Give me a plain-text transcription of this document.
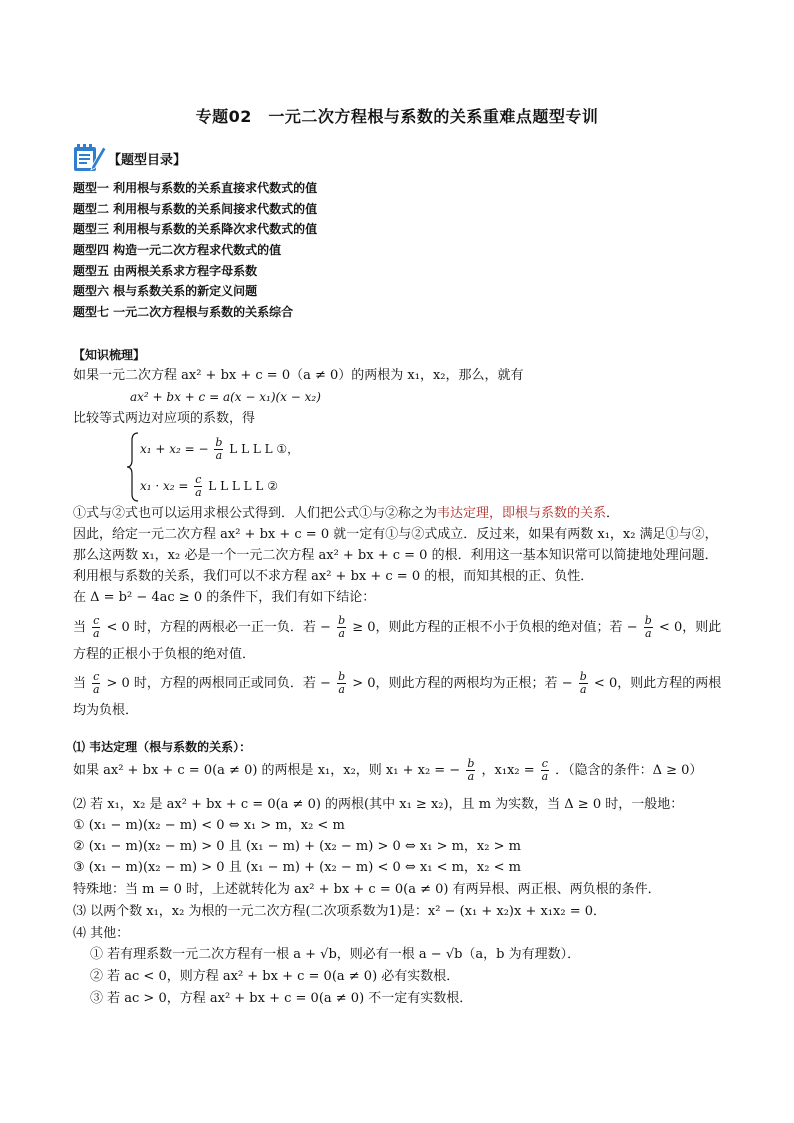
专题02　一元二次方程根与系数的关系重难点题型专训
【题型目录】
题型一 利用根与系数的关系直接求代数式的值
题型二 利用根与系数的关系间接求代数式的值
题型三 利用根与系数的关系降次求代数式的值
题型四 构造一元二次方程求代数式的值
题型五 由两根关系求方程字母系数
题型六 根与系数关系的新定义问题
题型七 一元二次方程根与系数的关系综合
【知识梳理】
如果一元二次方程 ax² + bx + c = 0（a ≠ 0）的两根为 x₁，x₂，那么，就有
ax² + bx + c = a(x − x₁)(x − x₂)
比较等式两边对应项的系数，得
x₁ + x₂ = − $\frac{b}{a}$ L L L L ①，
$x_1 \cdot x_2 = \frac{c}{a}$ L L L L L ②
①式与②式也可以运用求根公式得到．人们把公式①与②称之为韦达定理，即根与系数的关系．
因此，给定一元二次方程 ax² + bx + c = 0 就一定有①与②式成立．反过来，如果有两数 x₁，x₂ 满足①与②，
那么这两数 x₁，x₂ 必是一个一元二次方程 ax² + bx + c = 0 的根．利用这一基本知识常可以简捷地处理问题．
利用根与系数的关系，我们可以不求方程 ax² + bx + c = 0 的根，而知其根的正、负性．
在 Δ = b² − 4ac ≥ 0 的条件下，我们有如下结论：
当 $\frac{c}{a} < 0$ 时，方程的两根必一正一负．若 − $\frac{b}{a} \ge 0$，则此方程的正根不小于负根的绝对值；若 − $\frac{b}{a} < 0$，则此
方程的正根小于负根的绝对值．
当 $\frac{c}{a} > 0$ 时，方程的两根同正或同负．若 − $\frac{b}{a} > 0$，则此方程的两根均为正根；若 − $\frac{b}{a} < 0$，则此方程的两根
均为负根．
⑴ 韦达定理（根与系数的关系）：
如果 ax² + bx + c = 0(a ≠ 0) 的两根是 x₁，x₂，则 x₁ + x₂ = − $\frac{b}{a}$ ，$x_1x_2 = \frac{c}{a}$ ．（隐含的条件：Δ ≥ 0）
⑵ 若 x₁，x₂ 是 ax² + bx + c = 0(a ≠ 0) 的两根(其中 x₁ ≥ x₂)，且 m 为实数，当 Δ ≥ 0 时，一般地：
① (x₁ − m)(x₂ − m) < 0 ⇔ x₁ > m，x₂ < m
② (x₁ − m)(x₂ − m) > 0 且 (x₁ − m) + (x₂ − m) > 0 ⇔ x₁ > m，x₂ > m
③ (x₁ − m)(x₂ − m) > 0 且 (x₁ − m) + (x₂ − m) < 0 ⇔ x₁ < m，x₂ < m
特殊地：当 m = 0 时，上述就转化为 ax² + bx + c = 0(a ≠ 0) 有两异根、两正根、两负根的条件．
⑶ 以两个数 x₁，x₂ 为根的一元二次方程(二次项系数为1)是：x² − (x₁ + x₂)x + x₁x₂ = 0．
⑷ 其他：
① 若有理系数一元二次方程有一根 a + √b，则必有一根 a − √b（a，b 为有理数）．
② 若 ac < 0，则方程 ax² + bx + c = 0(a ≠ 0) 必有实数根．
③ 若 ac > 0，方程 ax² + bx + c = 0(a ≠ 0) 不一定有实数根．
